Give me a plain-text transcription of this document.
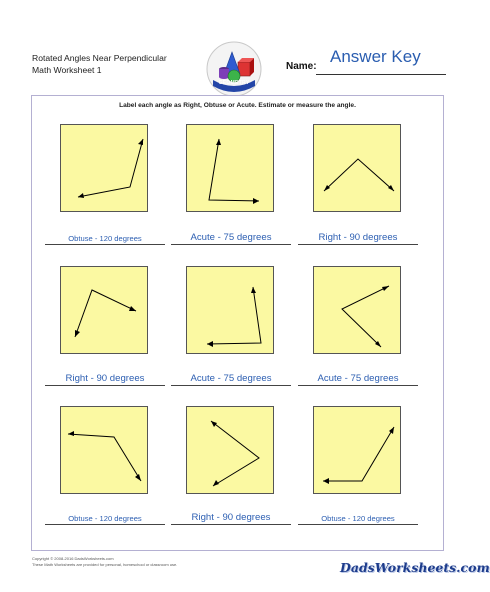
Rotated Angles Near Perpendicular
Math Worksheet 1
GEOMETRY
Name:
Answer Key
Label each angle as Right, Obtuse or Acute. Estimate or measure the angle.
Obtuse - 120 degrees	Acute - 75 degrees	Right - 90 degrees
Right - 90 degrees	Acute - 75 degrees	Acute - 75 degrees
Obtuse - 120 degrees	Right - 90 degrees	Obtuse - 120 degrees
Copyright © 2008-2016 DadsWorksheets.com
These Math Worksheets are provided for personal, homeschool or classroom use.	DadsWorksheets.com
